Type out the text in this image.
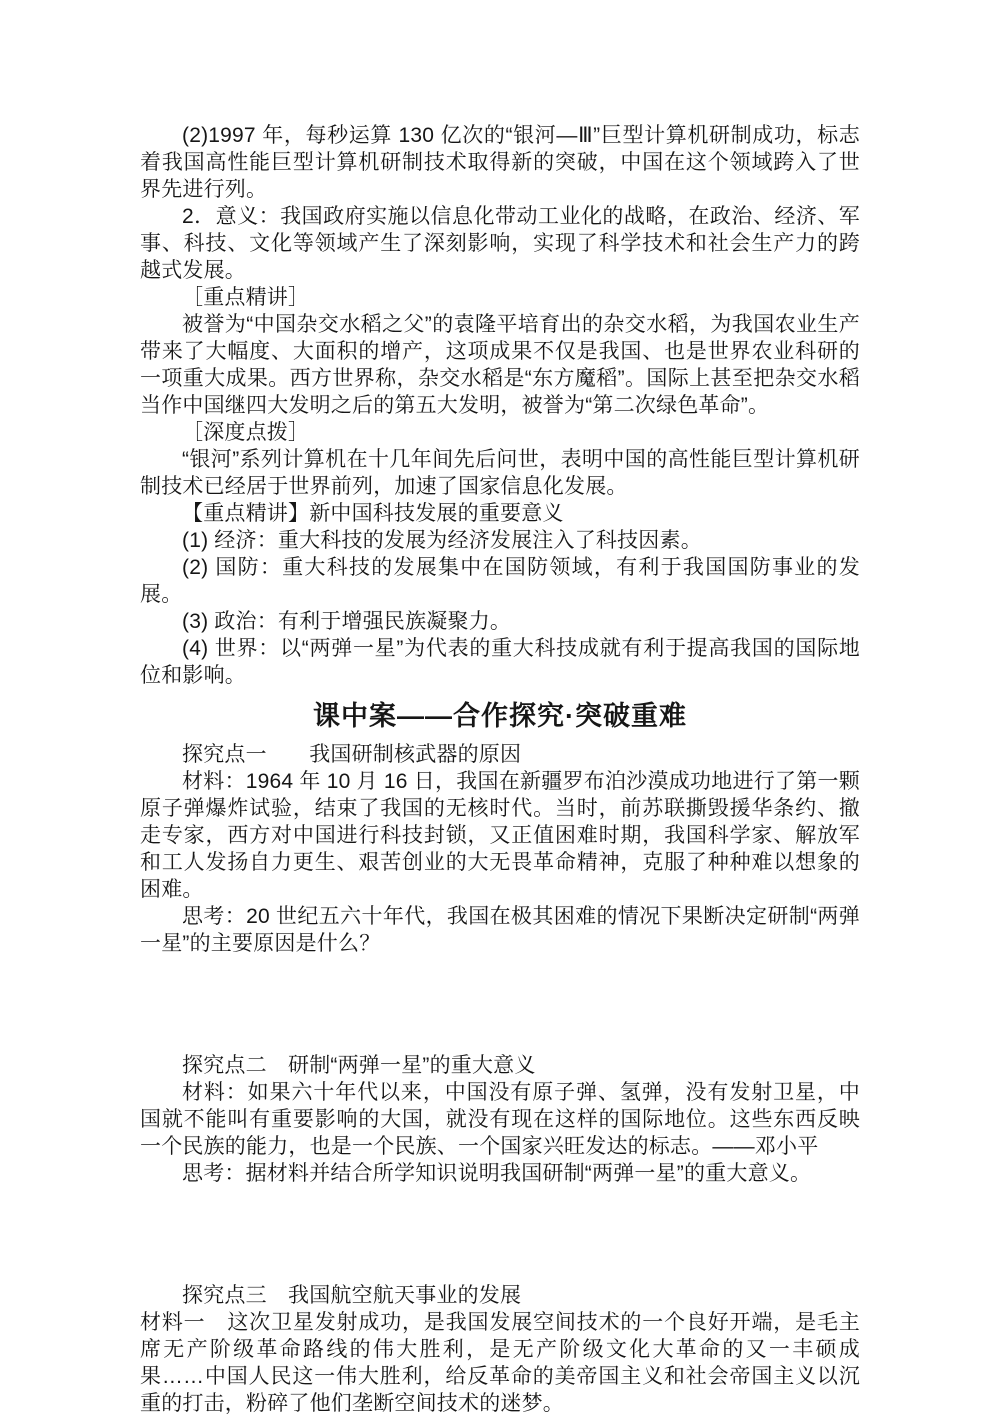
(2)1997 年，每秒运算 130 亿次的“银河—Ⅲ”巨型计算机研制成功，标志着我国高性能巨型计算机研制技术取得新的突破，中国在这个领域跨入了世界先进行列。

2．意义：我国政府实施以信息化带动工业化的战略，在政治、经济、军事、科技、文化等领域产生了深刻影响，实现了科学技术和社会生产力的跨越式发展。

［重点精讲］

被誉为“中国杂交水稻之父”的袁隆平培育出的杂交水稻，为我国农业生产带来了大幅度、大面积的增产，这项成果不仅是我国、也是世界农业科研的一项重大成果。西方世界称，杂交水稻是“东方魔稻”。国际上甚至把杂交水稻当作中国继四大发明之后的第五大发明，被誉为“第二次绿色革命”。

［深度点拨］

“银河”系列计算机在十几年间先后问世，表明中国的高性能巨型计算机研制技术已经居于世界前列，加速了国家信息化发展。

【重点精讲】新中国科技发展的重要意义

(1) 经济：重大科技的发展为经济发展注入了科技因素。

(2) 国防：重大科技的发展集中在国防领域，有利于我国国防事业的发展。

(3) 政治：有利于增强民族凝聚力。

(4) 世界：以“两弹一星”为代表的重大科技成就有利于提高我国的国际地位和影响。

课中案——合作探究·突破重难

探究点一　　我国研制核武器的原因

材料：1964 年 10 月 16 日，我国在新疆罗布泊沙漠成功地进行了第一颗原子弹爆炸试验，结束了我国的无核时代。当时，前苏联撕毁援华条约、撤走专家，西方对中国进行科技封锁，又正值困难时期，我国科学家、解放军和工人发扬自力更生、艰苦创业的大无畏革命精神，克服了种种难以想象的困难。

思考：20 世纪五六十年代，我国在极其困难的情况下果断决定研制“两弹一星”的主要原因是什么？

探究点二　研制“两弹一星”的重大意义

材料：如果六十年代以来，中国没有原子弹、氢弹，没有发射卫星，中国就不能叫有重要影响的大国，就没有现在这样的国际地位。这些东西反映一个民族的能力，也是一个民族、一个国家兴旺发达的标志。——邓小平

思考：据材料并结合所学知识说明我国研制“两弹一星”的重大意义。

探究点三　我国航空航天事业的发展

材料一　这次卫星发射成功，是我国发展空间技术的一个良好开端，是毛主席无产阶级革命路线的伟大胜利，是无产阶级文化大革命的又一丰硕成果……中国人民这一伟大胜利，给反革命的美帝国主义和社会帝国主义以沉重的打击，粉碎了他们垄断空间技术的迷梦。
